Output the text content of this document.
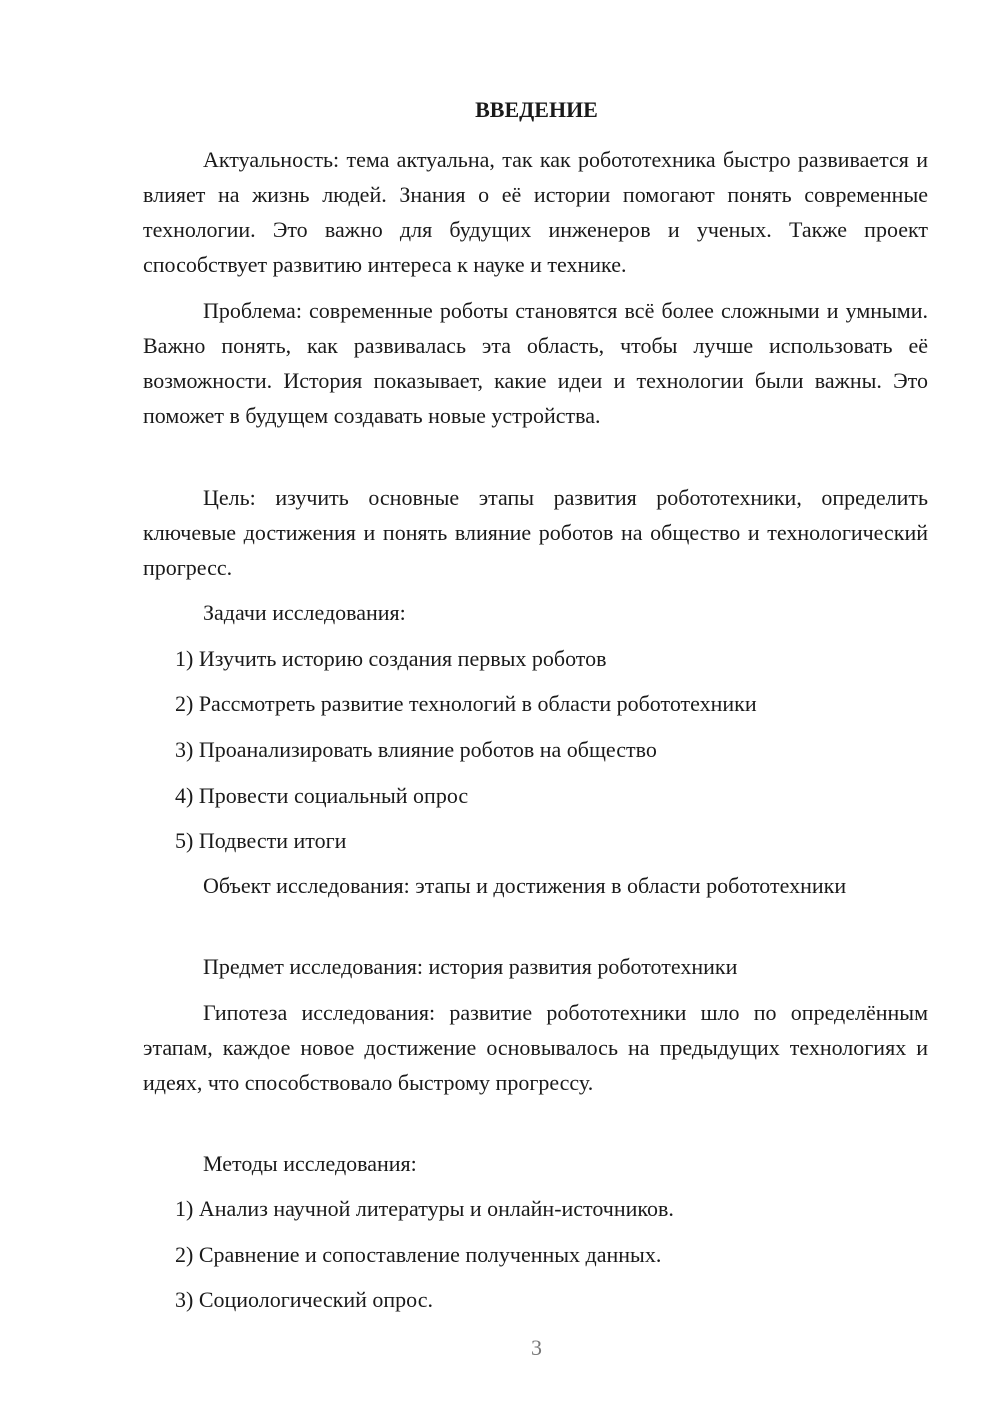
ВВЕДЕНИЕ

Актуальность: тема актуальна, так как робототехника быстро развивается и влияет на жизнь людей. Знания о её истории помогают понять современные технологии. Это важно для будущих инженеров и ученых. Также проект способствует развитию интереса к науке и технике.

Проблема: современные роботы становятся всё более сложными и умными. Важно понять, как развивалась эта область, чтобы лучше использовать её возможности. История показывает, какие идеи и технологии были важны. Это поможет в будущем создавать новые устройства.

Цель: изучить основные этапы развития робототехники, определить ключевые достижения и понять влияние роботов на общество и технологический прогресс.

Задачи исследования:

1) Изучить историю создания первых роботов

2) Рассмотреть развитие технологий в области робототехники

3) Проанализировать влияние роботов на общество

4) Провести социальный опрос

5) Подвести итоги

Объект исследования: этапы и достижения в области робототехники

Предмет исследования: история развития робототехники

Гипотеза исследования: развитие робототехники шло по определённым этапам, каждое новое достижение основывалось на предыдущих технологиях и идеях, что способствовало быстрому прогрессу.

Методы исследования:

1) Анализ научной литературы и онлайн-источников.

2) Сравнение и сопоставление полученных данных.

3) Социологический опрос.

3
